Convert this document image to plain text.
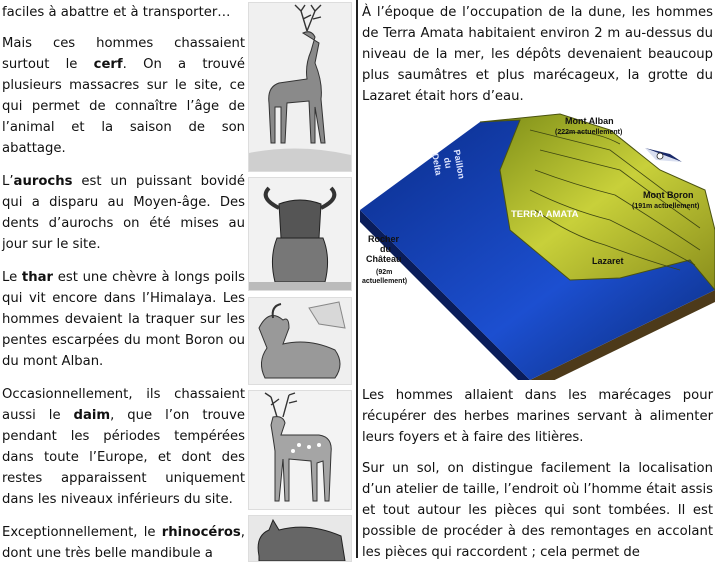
faciles à abattre et à transporter…

Mais ces hommes chassaient surtout le cerf. On a trouvé plusieurs massacres sur le site, ce qui permet de connaître l’âge de l’animal et la saison de son abattage.

L’aurochs est un puissant bovidé qui a disparu au Moyen-âge. Des dents d’aurochs on été mises au jour sur le site.

Le thar est une chèvre à longs poils qui vit encore dans l’Himalaya. Les hommes devaient la traquer sur les pentes escarpées du mont Boron ou du mont Alban.

Occasionnellement, ils chassaient aussi le daim, que l’on trouve pendant les périodes tempérées dans toute l’Europe, et dont des restes apparaissent uniquement dans les niveaux inférieurs du site.

Exceptionnellement, le rhinocéros, dont une très belle mandibule a

À l’époque de l’occupation de la dune, les hommes de Terra Amata habitaient environ 2 m au-dessus du niveau de la mer, les dépôts devenaient beaucoup plus saumâtres et plus marécageux, la grotte du Lazaret était hors d’eau.

Mont Alban
(222m actuellement)
Mont Boron
(191m actuellement)
TERRA AMATA
Lazaret
Delta
du
Paillon
Rocher
du
Château
(92m
actuellement)

Les hommes allaient dans les marécages pour récupérer des herbes marines servant à alimenter leurs foyers et à faire des litières.

Sur un sol, on distingue facilement la localisation d’un atelier de taille, l’endroit où l’homme était assis et tout autour les pièces qui sont tombées. Il est possible de procéder à des remontages en accolant les pièces qui raccordent ; cela permet de
